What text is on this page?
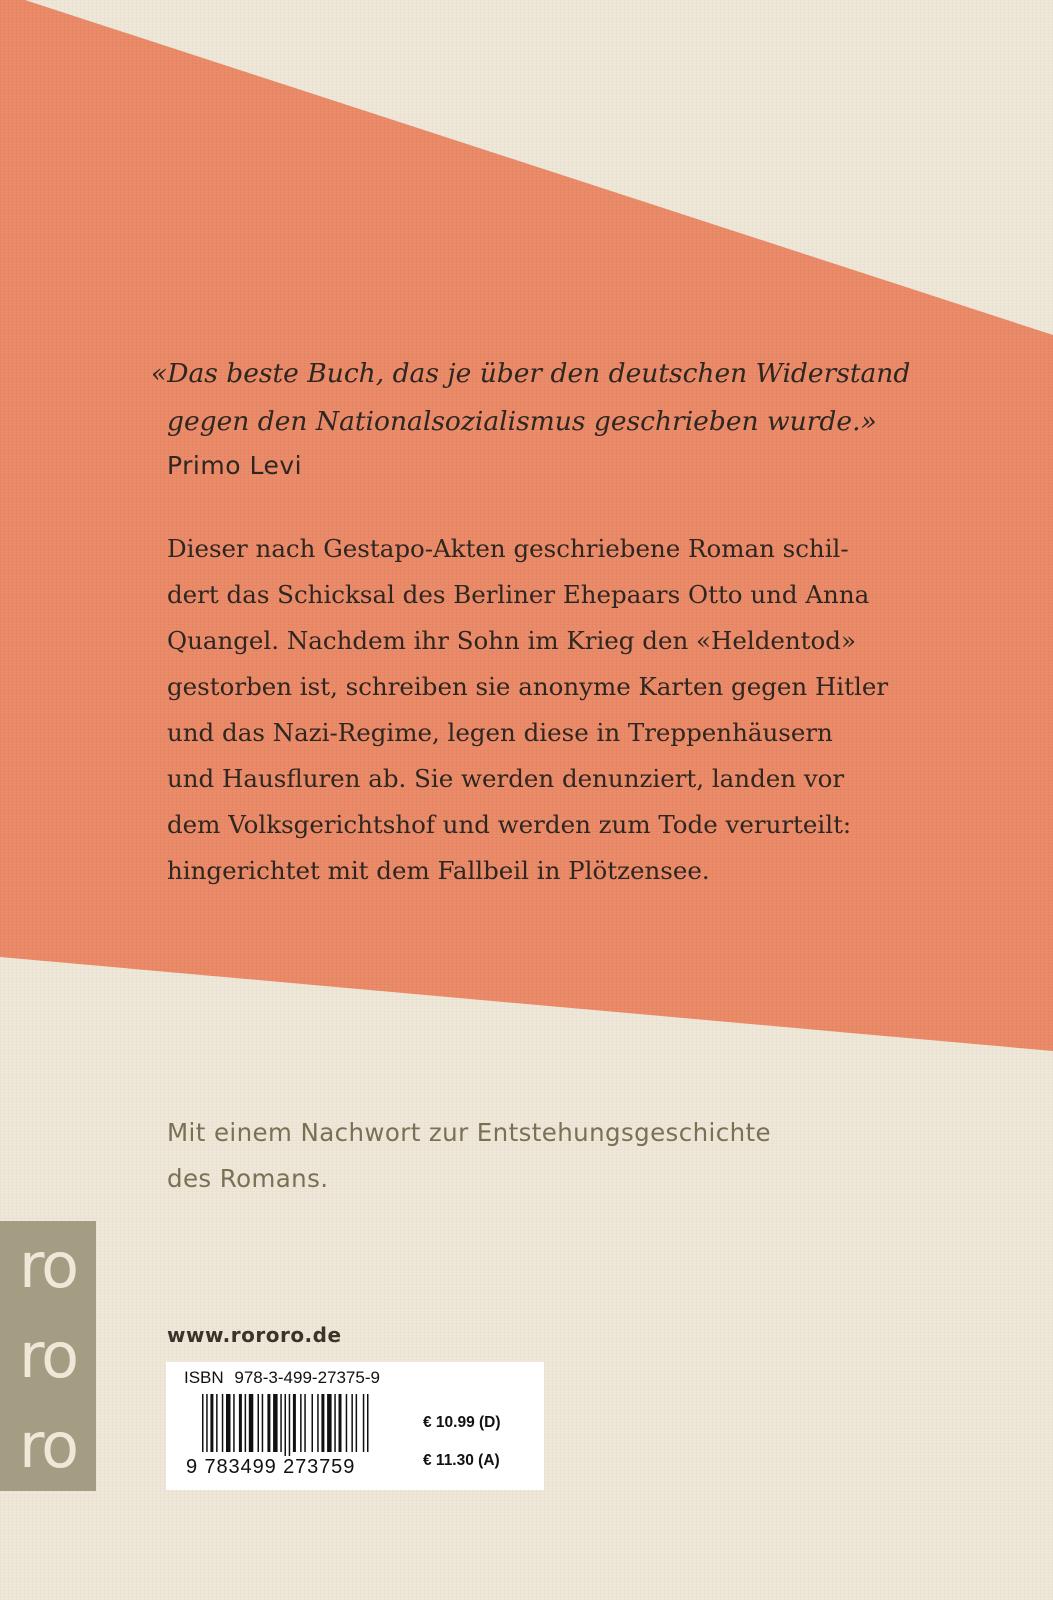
«Das beste Buch, das je über den deutschen Widerstand
gegen den Nationalsozialismus geschrieben wurde.»
Primo Levi
Dieser nach Gestapo-Akten geschriebene Roman schil-
dert das Schicksal des Berliner Ehepaars Otto und Anna
Quangel. Nachdem ihr Sohn im Krieg den «Heldentod»
gestorben ist, schreiben sie anonyme Karten gegen Hitler
und das Nazi-Regime, legen diese in Treppenhäusern
und Hausfluren ab. Sie werden denunziert, landen vor
dem Volksgerichtshof und werden zum Tode verurteilt:
hingerichtet mit dem Fallbeil in Plötzensee.
Mit einem Nachwort zur Entstehungsgeschichte
des Romans.
ro
ro
ro
www.rororo.de
ISBN 978-3-499-27375-9
9 783499 273759
€ 10.99 (D)
€ 11.30 (A)
